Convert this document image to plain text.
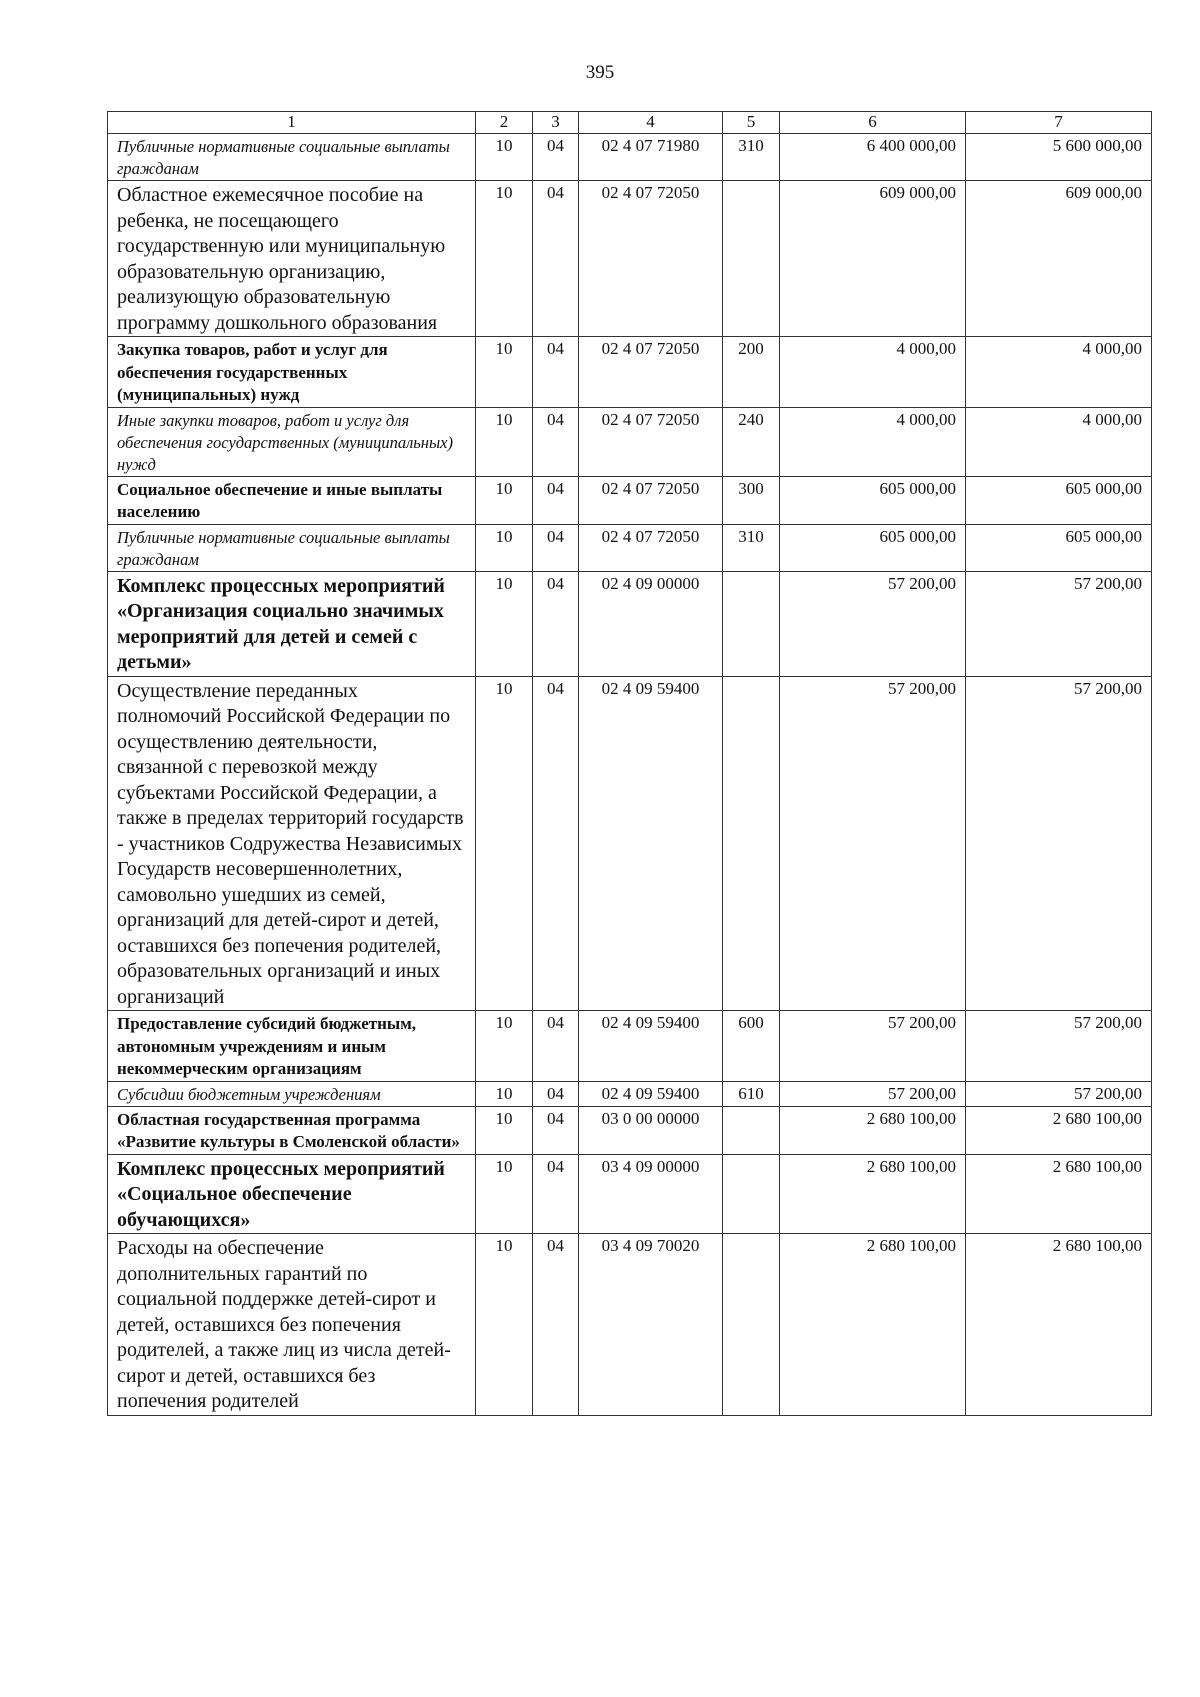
395
1	2	3	4	5	6	7
Публичные нормативные социальные выплаты гражданам	10	04	02 4 07 71980	310	6 400 000,00	5 600 000,00
Областное ежемесячное пособие на ребенка, не посещающего государственную или муниципальную образовательную организацию, реализующую образовательную программу дошкольного образования	10	04	02 4 07 72050		609 000,00	609 000,00
Закупка товаров, работ и услуг для обеспечения государственных (муниципальных) нужд	10	04	02 4 07 72050	200	4 000,00	4 000,00
Иные закупки товаров, работ и услуг для обеспечения государственных (муниципальных) нужд	10	04	02 4 07 72050	240	4 000,00	4 000,00
Социальное обеспечение и иные выплаты населению	10	04	02 4 07 72050	300	605 000,00	605 000,00
Публичные нормативные социальные выплаты гражданам	10	04	02 4 07 72050	310	605 000,00	605 000,00
Комплекс процессных мероприятий «Организация социально значимых мероприятий для детей и семей с детьми»	10	04	02 4 09 00000		57 200,00	57 200,00
Осуществление переданных полномочий Российской Федерации по осуществлению деятельности, связанной с перевозкой между субъектами Российской Федерации, а также в пределах территорий государств - участников Содружества Независимых Государств несовершеннолетних, самовольно ушедших из семей, организаций для детей-сирот и детей, оставшихся без попечения родителей, образовательных организаций и иных организаций	10	04	02 4 09 59400		57 200,00	57 200,00
Предоставление субсидий бюджетным, автономным учреждениям и иным некоммерческим организациям	10	04	02 4 09 59400	600	57 200,00	57 200,00
Субсидии бюджетным учреждениям	10	04	02 4 09 59400	610	57 200,00	57 200,00
Областная государственная программа «Развитие культуры в Смоленской области»	10	04	03 0 00 00000		2 680 100,00	2 680 100,00
Комплекс процессных мероприятий «Социальное обеспечение обучающихся»	10	04	03 4 09 00000		2 680 100,00	2 680 100,00
Расходы на обеспечение дополнительных гарантий по социальной поддержке детей-сирот и детей, оставшихся без попечения родителей, а также лиц из числа детей-сирот и детей, оставшихся без попечения родителей	10	04	03 4 09 70020		2 680 100,00	2 680 100,00
